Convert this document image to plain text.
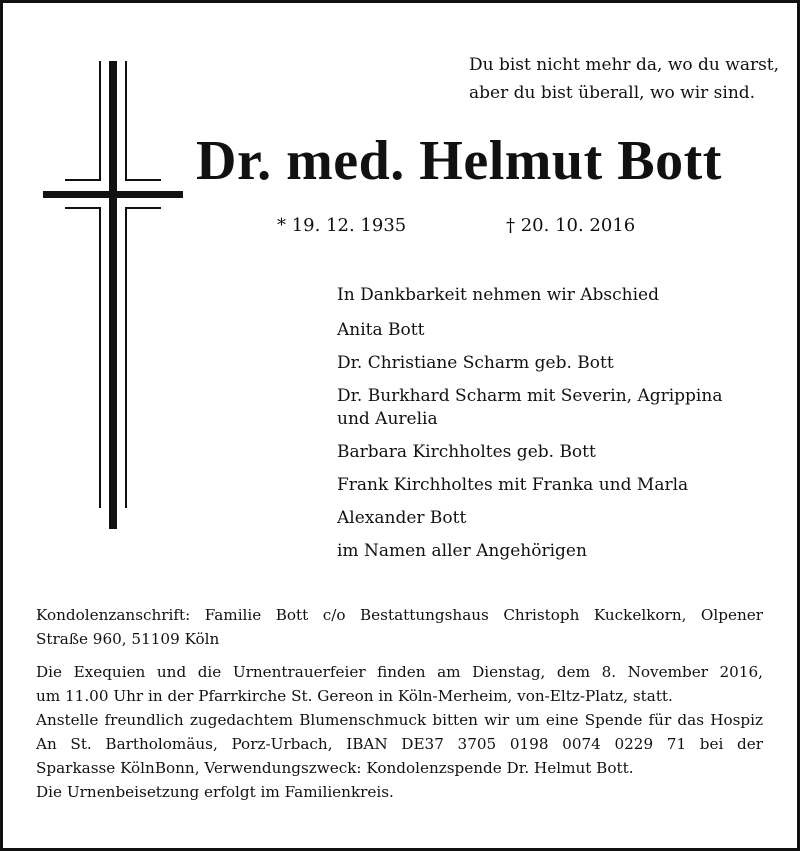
Du bist nicht mehr da, wo du warst,
aber du bist überall, wo wir sind.
Dr. med. Helmut Bott
* 19. 12. 1935	† 20. 10. 2016
In Dankbarkeit nehmen wir Abschied
Anita Bott
Dr. Christiane Scharm geb. Bott
Dr. Burkhard Scharm mit Severin, Agrippina
und Aurelia
Barbara Kirchholtes geb. Bott
Frank Kirchholtes mit Franka und Marla
Alexander Bott
im Namen aller Angehörigen
Kondolenzanschrift: Familie Bott c/o Bestattungshaus Christoph Kuckelkorn, Olpener
Straße 960, 51109 Köln
Die Exequien und die Urnentrauerfeier finden am Dienstag, dem 8. November 2016,
um 11.00 Uhr in der Pfarrkirche St. Gereon in Köln-Merheim, von-Eltz-Platz, statt.
Anstelle freundlich zugedachtem Blumenschmuck bitten wir um eine Spende für das Hospiz
An St. Bartholomäus, Porz-Urbach, IBAN DE37 3705 0198 0074 0229 71 bei der
Sparkasse KölnBonn, Verwendungszweck: Kondolenzspende Dr. Helmut Bott.
Die Urnenbeisetzung erfolgt im Familienkreis.
